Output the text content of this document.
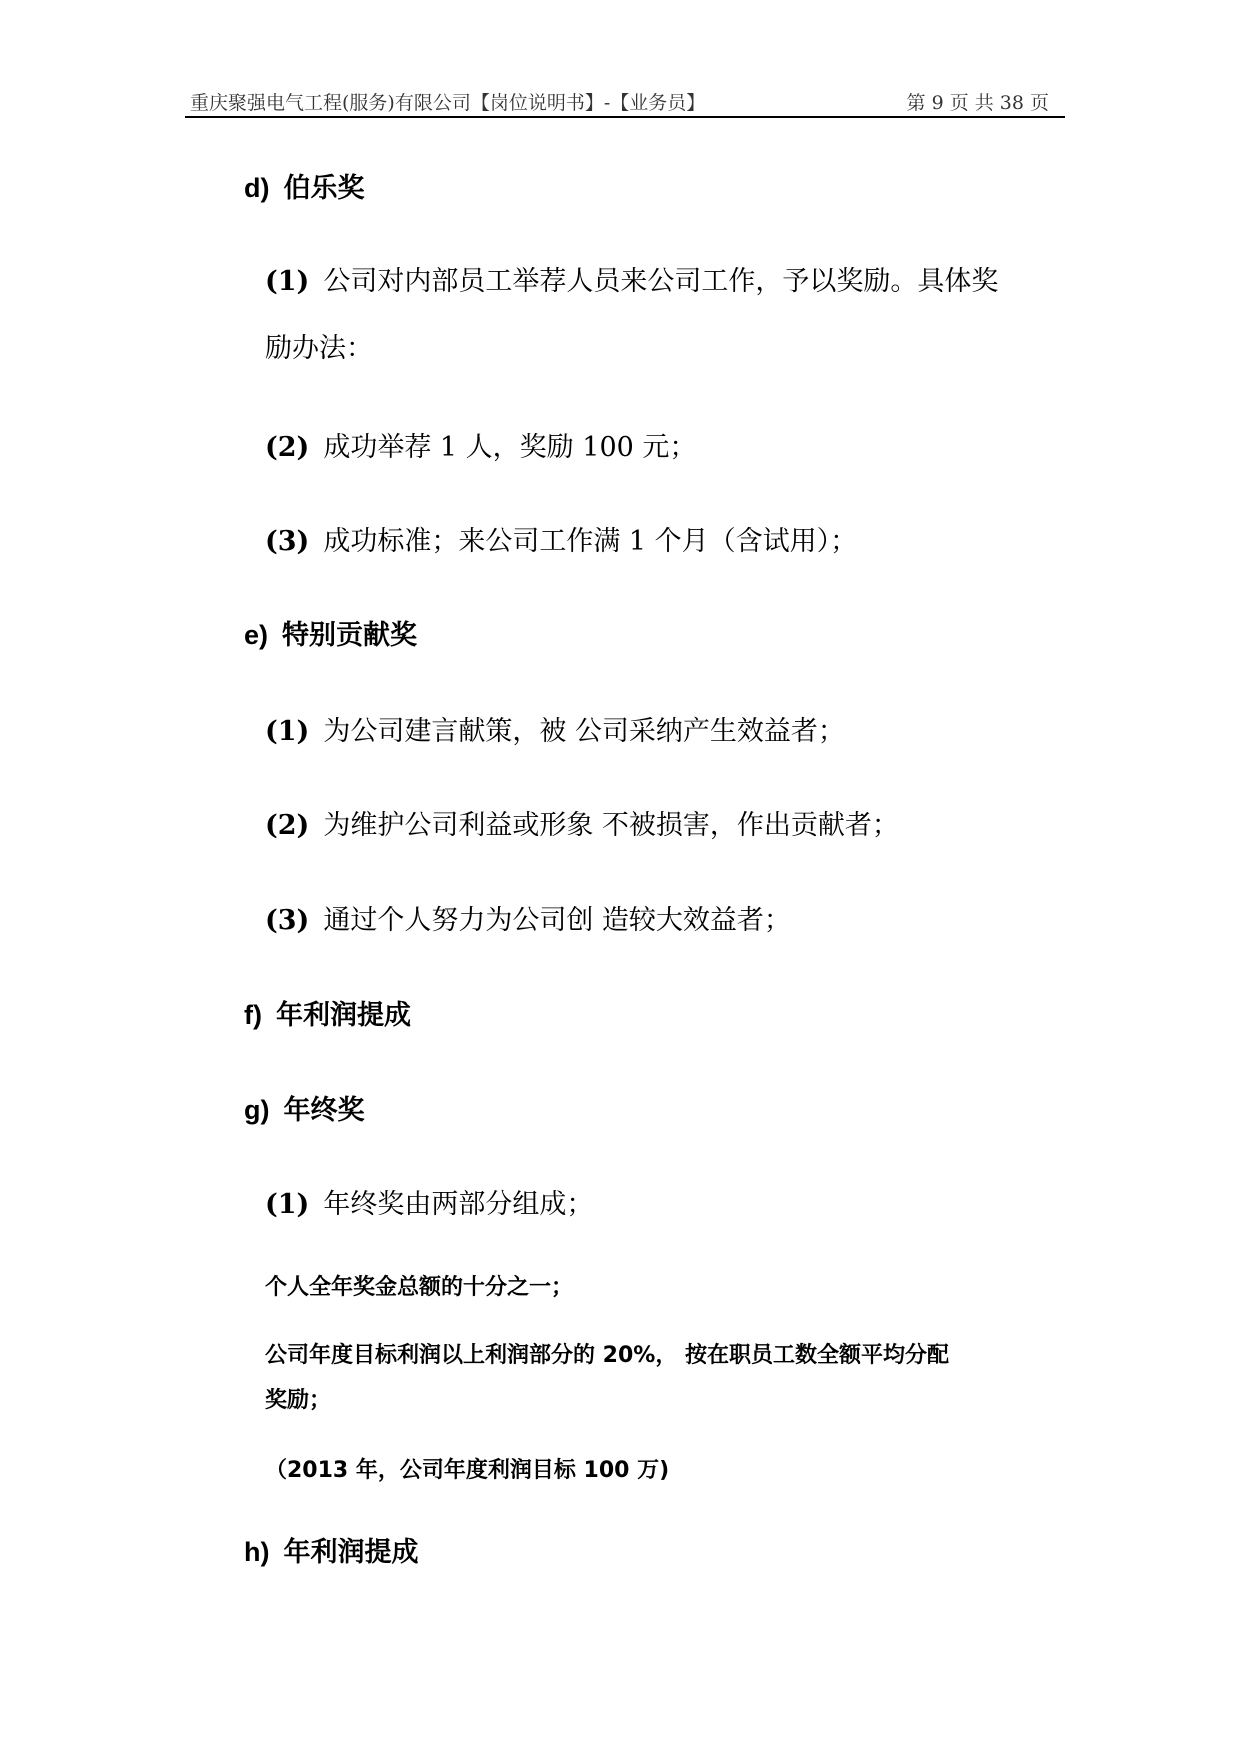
重庆聚强电气工程(服务)有限公司【岗位说明书】-【业务员】	第 9 页 共 38 页
d) 伯乐奖
(1) 公司对内部员工举荐人员来公司工作，予以奖励。具体奖
励办法：
(2) 成功举荐 1 人，奖励 100 元；
(3) 成功标准；来公司工作满 1 个月（含试用）；
e) 特别贡献奖
(1) 为公司建言献策，被 公司采纳产生效益者；
(2) 为维护公司利益或形象 不被损害，作出贡献者；
(3) 通过个人努力为公司创 造较大效益者；
f) 年利润提成
g) 年终奖
(1) 年终奖由两部分组成；
个人全年奖金总额的十分之一；
公司年度目标利润以上利润部分的 20%， 按在职员工数全额平均分配
奖励；
（2013 年，公司年度利润目标 100 万)
h) 年利润提成
